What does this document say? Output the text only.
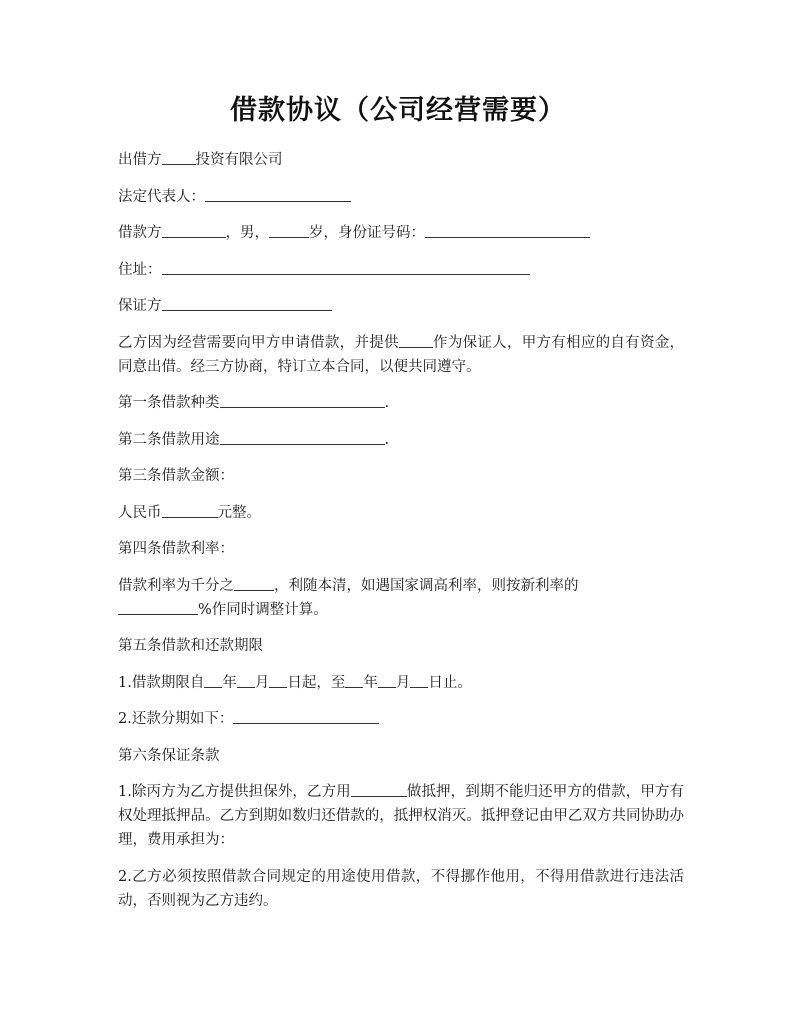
借款协议（公司经营需要）

出借方 投资有限公司

法定代表人：

借款方	，男，	岁，身份证号码：

住址：

保证方

乙方因为经营需要向甲方申请借款，并提供 作为保证人，甲方有相应的自有资金，同意出借。经三方协商，特订立本合同，以便共同遵守。

第一条借款种类	.

第二条借款用途	.

第三条借款金额：

人民币	元整。

第四条借款利率：

借款利率为千分之	，利随本清，如遇国家调高利率，则按新利率的
%作同时调整计算。

第五条借款和还款期限

1.借款期限自 年 月 日起，至 年 月 日止。

2.还款分期如下：

第六条保证条款

1.除丙方为乙方提供担保外，乙方用	做抵押，到期不能归还甲方的借款，甲方有权处理抵押品。乙方到期如数归还借款的，抵押权消灭。抵押登记由甲乙双方共同协助办理，费用承担为：

2.乙方必须按照借款合同规定的用途使用借款，不得挪作他用，不得用借款进行违法活动，否则视为乙方违约。
